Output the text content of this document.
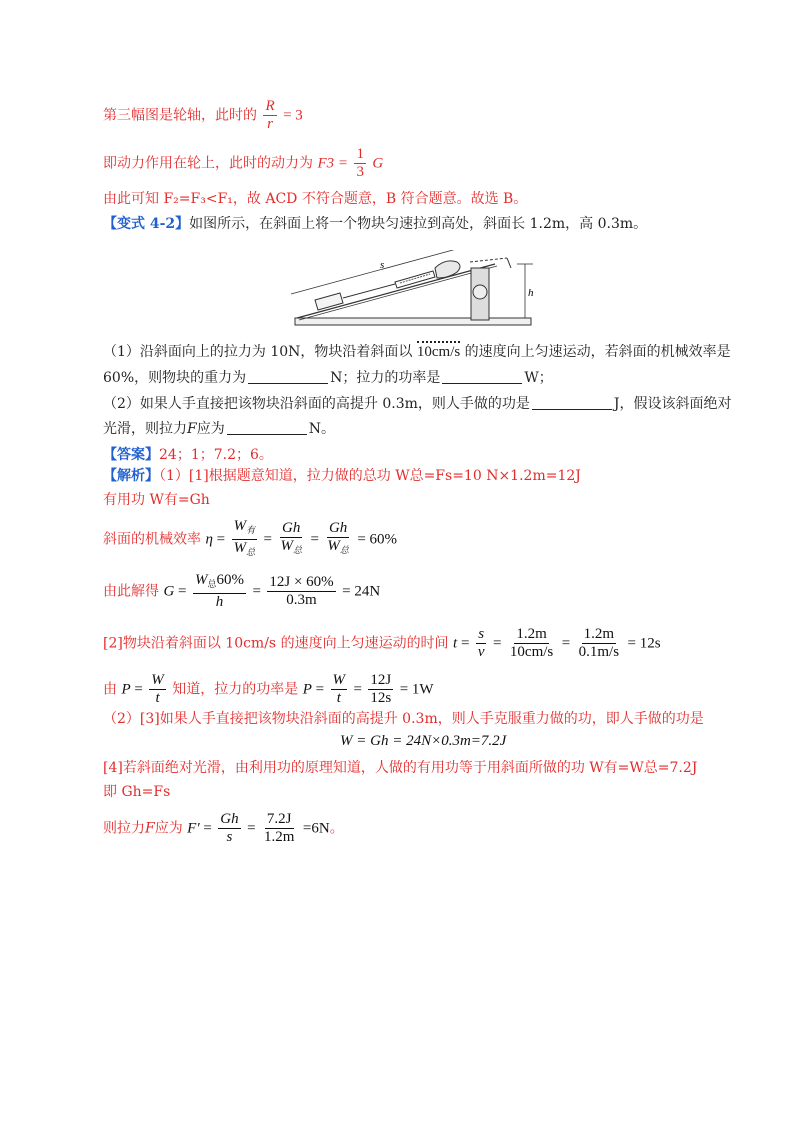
第三幅图是轮轴，此时的 $\frac{R}{r} = 3$
即动力作用在轮上，此时的动力为 $F3 = \frac{1}{3}$ G
由此可知 F₂=F₃<F₁，故 ACD 不符合题意，B 符合题意。故选 B。
【变式 4-2】如图所示，在斜面上将一个物块匀速拉到高处，斜面长 1.2m，高 0.3m。
s
h
（1）沿斜面向上的拉力为 10N，物块沿着斜面以 10cm/s 的速度向上匀速运动，若斜面的机械效率是
60%，则物块的重力为	N；拉力的功率是	W；
（2）如果人手直接把该物块沿斜面的高提升 0.3m，则人手做的功是	J，假设该斜面绝对
光滑，则拉力F应为	N。
【答案】24；1；7.2；6。
【解析】（1）[1]根据题意知道，拉力做的总功 W总=Fs=10 N×1.2m=12J
有用功 W有=Gh
斜面的机械效率 $\eta = \frac{W_有}{W_总} = \frac{Gh}{W_总} = \frac{Gh}{W_总} = 60\%$
由此解得 $G = \frac{W_总60\%}{h} = \frac{12J \times 60\%}{0.3m} = 24N$
[2]物块沿着斜面以 10cm/s 的速度向上匀速运动的时间 $t = \frac{s}{v} = \frac{1.2m}{10cm/s} = \frac{1.2m}{0.1m/s} = 12s$
由 $P = \frac{W}{t}$ 知道，拉力的功率是 $P = \frac{W}{t} = \frac{12J}{12s} = 1W$
（2）[3]如果人手直接把该物块沿斜面的高提升 0.3m，则人手克服重力做的功，即人手做的功是
W = Gh = 24N×0.3m=7.2J
[4]若斜面绝对光滑，由利用功的原理知道，人做的有用功等于用斜面所做的功 W有=W总=7.2J
即 Gh=Fs
则拉力F应为 $F' = \frac{Gh}{s} = \frac{7.2J}{1.2m} =6N$。
